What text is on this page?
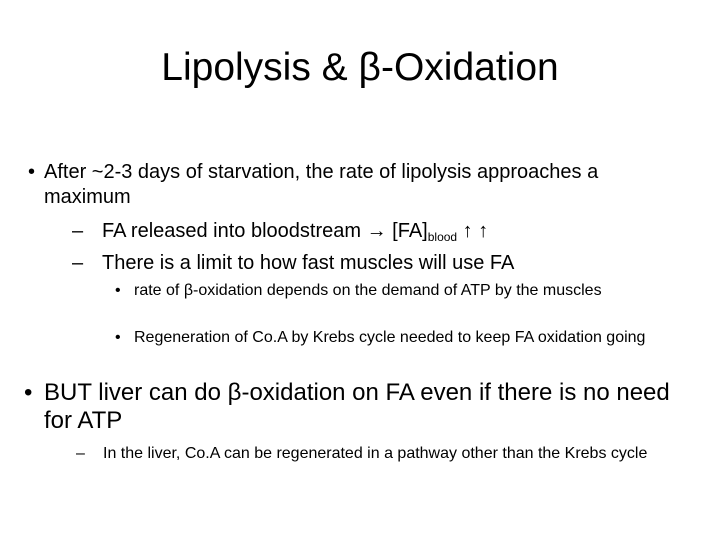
Lipolysis & β-Oxidation
• After ~2-3 days of starvation, the rate of lipolysis approaches a maximum
– FA released into bloodstream → $[FA]_{blood}$ ↑ ↑
– There is a limit to how fast muscles will use FA
• rate of β-oxidation depends on the demand of ATP by the muscles
• Regeneration of Co.A by Krebs cycle needed to keep FA oxidation going
• BUT liver can do β-oxidation on FA even if there is no need for ATP
– In the liver, Co.A can be regenerated in a pathway other than the Krebs cycle
